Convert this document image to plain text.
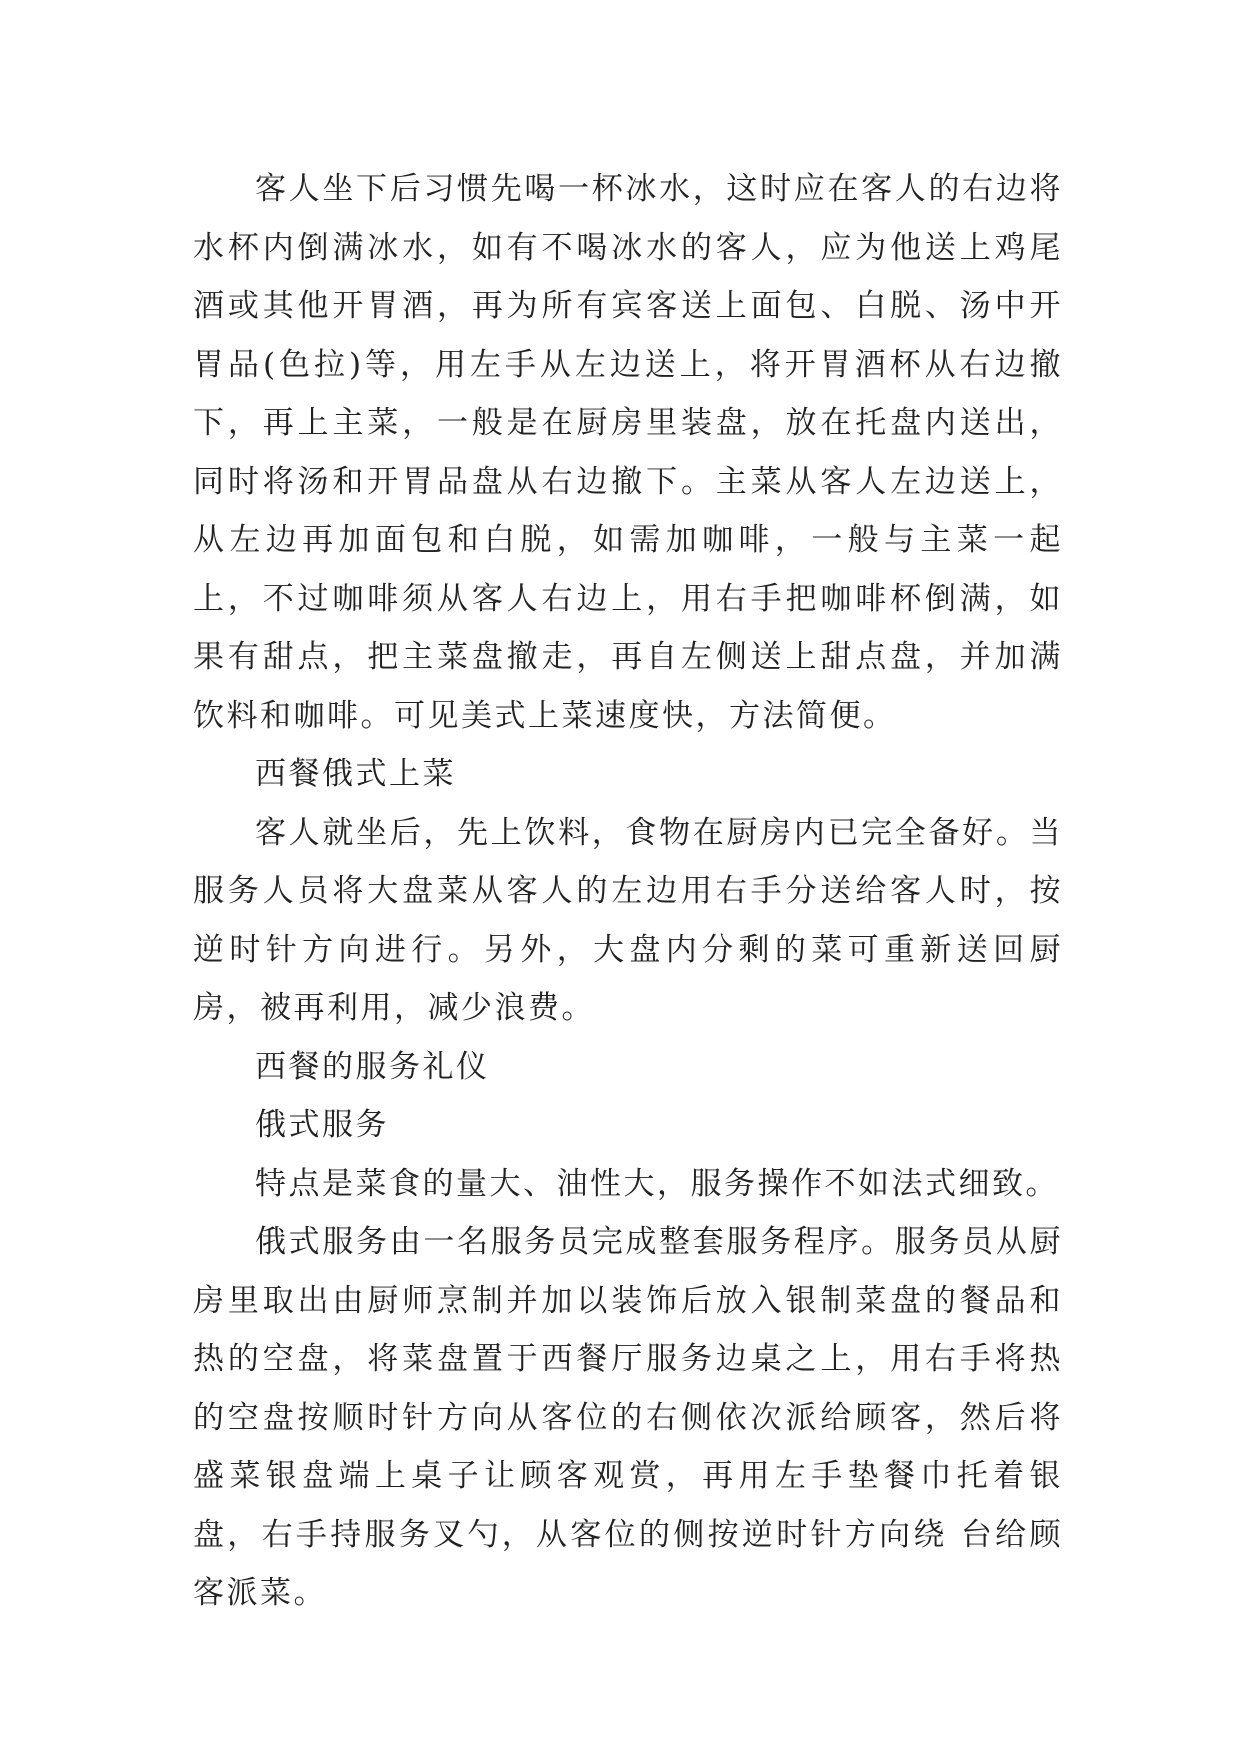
客人坐下后习惯先喝一杯冰水，这时应在客人的右边将水杯内倒满冰水，如有不喝冰水的客人，应为他送上鸡尾酒或其他开胃酒，再为所有宾客送上面包、白脱、汤中开胃品(色拉)等，用左手从左边送上，将开胃酒杯从右边撤下，再上主菜，一般是在厨房里装盘，放在托盘内送出，同时将汤和开胃品盘从右边撤下。主菜从客人左边送上，从左边再加面包和白脱，如需加咖啡，一般与主菜一起上，不过咖啡须从客人右边上，用右手把咖啡杯倒满，如果有甜点，把主菜盘撤走，再自左侧送上甜点盘，并加满饮料和咖啡。可见美式上菜速度快，方法简便。

西餐俄式上菜

客人就坐后，先上饮料，食物在厨房内已完全备好。当服务人员将大盘菜从客人的左边用右手分送给客人时，按逆时针方向进行。另外，大盘内分剩的菜可重新送回厨房，被再利用，减少浪费。

西餐的服务礼仪

俄式服务

特点是菜食的量大、油性大，服务操作不如法式细致。

俄式服务由一名服务员完成整套服务程序。服务员从厨房里取出由厨师烹制并加以装饰后放入银制菜盘的餐品和热的空盘，将菜盘置于西餐厅服务边桌之上，用右手将热的空盘按顺时针方向从客位的右侧依次派给顾客，然后将盛菜银盘端上桌子让顾客观赏，再用左手垫餐巾托着银盘，右手持服务叉勺，从客位的侧按逆时针方向绕 台给顾客派菜。
